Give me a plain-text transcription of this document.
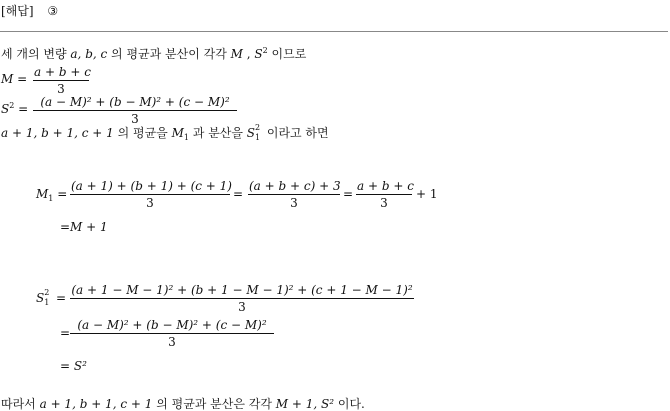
[해답] ③
세 개의 변량 a, b, c 의 평균과 분산이 각각 M , $S^2$ 이므로
M = a + b + c
3
$S^2$ =	(a − M)² + (b − M)² + (c − M)²
3
a + 1, b + 1, c + 1 의 평균을 $M_1$ 과 분산을 S 2
1 이라고 하면
$M_1$ =
(a + 1) + (b + 1) + (c + 1)
3
=
(a + b + c) + 3
3
=
a + b + c
3
+ 1
=M + 1
S 2
1 =
(a + 1 − M − 1)² + (b + 1 − M − 1)² + (c + 1 − M − 1)²
3
=
(a − M)² + (b − M)² + (c − M)²
3
= S²
따라서 a + 1, b + 1, c + 1 의 평균과 분산은 각각 M + 1, S² 이다.
